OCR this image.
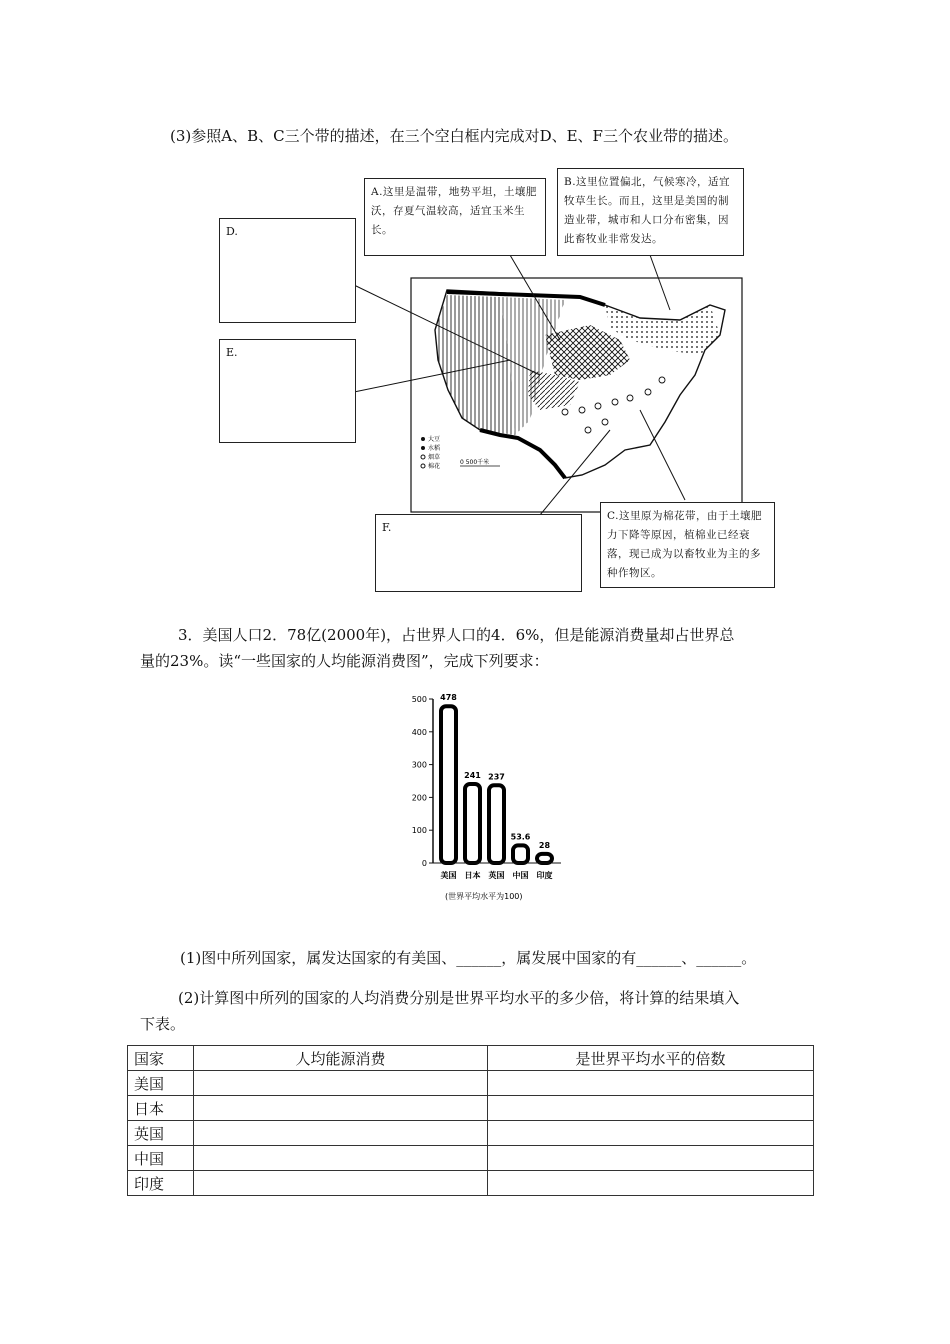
(3)参照A、B、C三个带的描述，在三个空白框内完成对D、E、F三个农业带的描述。
大豆
水稻
烟草
棉花
0 500千米
D.
E.
F.
A.这里是温带，地势平坦，土壤肥沃，存夏气温较高，适宜玉米生长。
B.这里位置偏北，气候寒冷，适宜牧草生长。而且，这里是美国的制造业带，城市和人口分布密集，因此畜牧业非常发达。
C.这里原为棉花带，由于土壤肥力下降等原因，植棉业已经衰落，现已成为以畜牧业为主的多种作物区。
3．美国人口2．78亿(2000年)，占世界人口的4．6%，但是能源消费量却占世界总
量的23%。读“一些国家的人均能源消费图”，完成下列要求：
0
100
200
300
400
500 478
241 237
53.6
28
美国 日本 英国 中国 印度
(世界平均水平为100)
(1)图中所列国家，属发达国家的有美国、______，属发展中国家的有______、______。
(2)计算图中所列的国家的人均消费分别是世界平均水平的多少倍，将计算的结果填入
下表。
国家	人均能源消费	是世界平均水平的倍数
美国		
日本		
英国		
中国		
印度		
